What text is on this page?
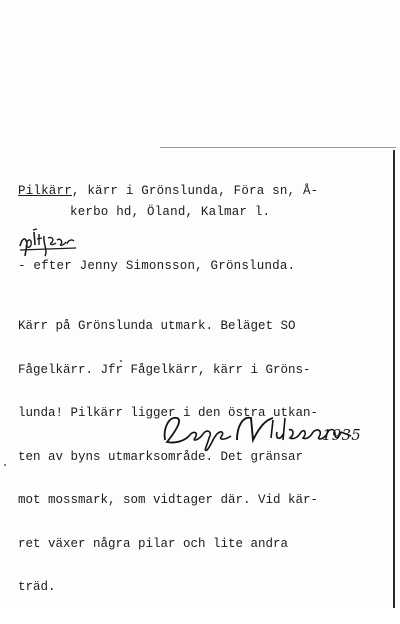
Pilkärr, kärr i Grönslunda, Föra sn, Å-
kerbo hd, Öland, Kalmar l.
- efter Jenny Simonsson, Grönslunda.

Kärr på Grönslunda utmark. Beläget SO

Fågelkärr. Jfr Fågelkärr, kärr i Gröns-

lunda! Pilkärr ligger i den östra utkan-

ten av byns utmarksområde. Det gränsar

mot mossmark, som vidtager där. Vid kär-

ret växer några pilar och lite andra

träd.

1935
